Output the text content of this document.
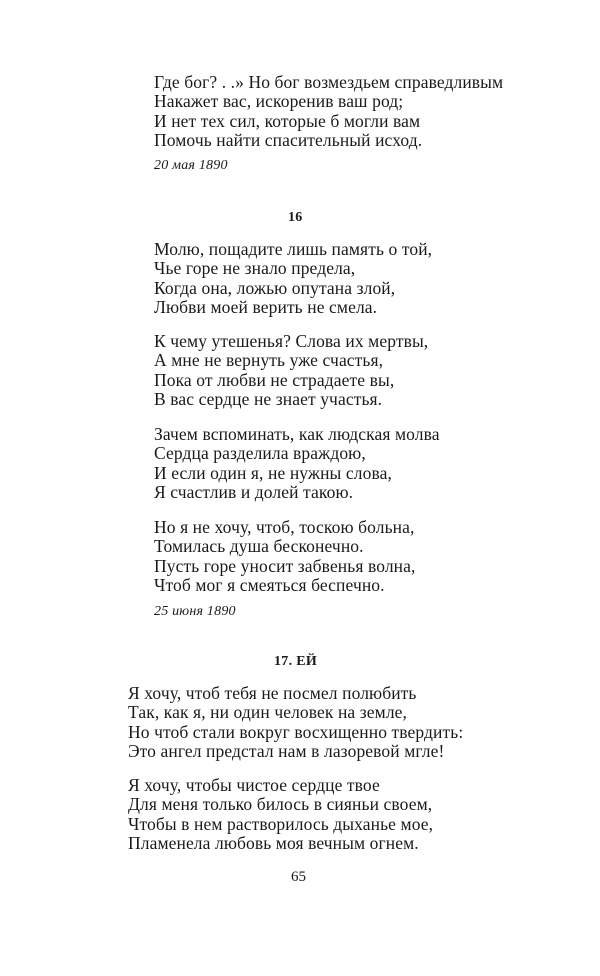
Где бог? . .» Но бог возмездьем справедливым
Накажет вас, искоренив ваш род;
И нет тех сил, которые б могли вам
Помочь найти спасительный исход.
20 мая 1890
16
Молю, пощадите лишь память о той,
Чье горе не знало предела,
Когда она, ложью опутана злой,
Любви моей верить не смела.
К чему утешенья? Слова их мертвы,
А мне не вернуть уже счастья,
Пока от любви не страдаете вы,
В вас сердце не знает участья.
Зачем вспоминать, как людская молва
Сердца разделила враждою,
И если один я, не нужны слова,
Я счастлив и долей такою.
Но я не хочу, чтоб, тоскою больна,
Томилась душа бесконечно.
Пусть горе уносит забвенья волна,
Чтоб мог я смеяться беспечно.
25 июня 1890
17. ЕЙ
Я хочу, чтоб тебя не посмел полюбить
Так, как я, ни один человек на земле,
Но чтоб стали вокруг восхищенно твердить:
Это ангел предстал нам в лазоревой мгле!
Я хочу, чтобы чистое сердце твое
Для меня только билось в сияньи своем,
Чтобы в нем растворилось дыханье мое,
Пламенела любовь моя вечным огнем.
65
